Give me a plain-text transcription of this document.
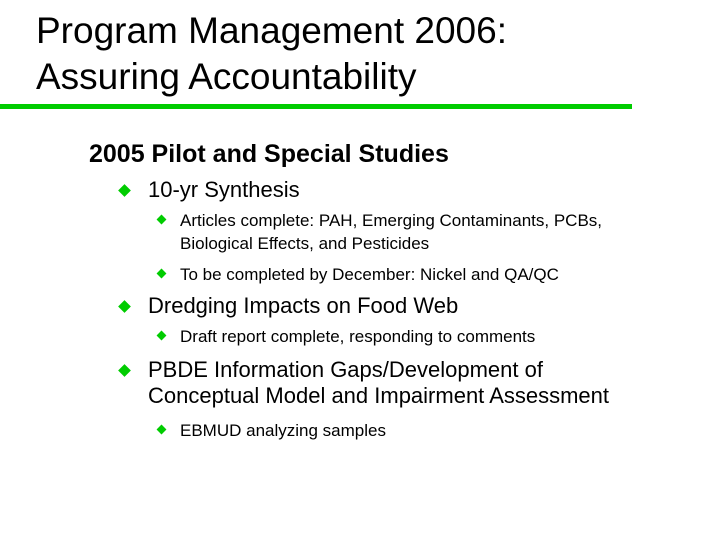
Program Management 2006:
Assuring Accountability
2005 Pilot and Special Studies
10-yr Synthesis
Articles complete: PAH, Emerging Contaminants, PCBs,
Biological Effects, and Pesticides
To be completed by December: Nickel and QA/QC
Dredging Impacts on Food Web
Draft report complete, responding to comments
PBDE Information Gaps/Development of
Conceptual Model and Impairment Assessment
EBMUD analyzing samples
